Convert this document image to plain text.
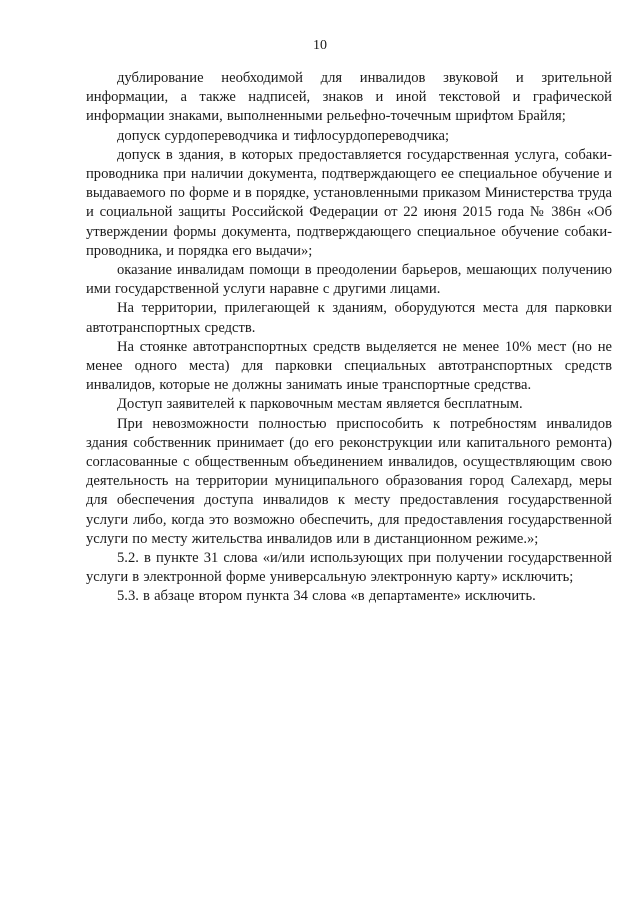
10

дублирование необходимой для инвалидов звуковой и зрительной информации, а также надписей, знаков и иной текстовой и графической информации знаками, выполненными рельефно-точечным шрифтом Брайля;

допуск сурдопереводчика и тифлосурдопереводчика;

допуск в здания, в которых предоставляется государственная услуга, собаки-проводника при наличии документа, подтверждающего ее специальное обучение и выдаваемого по форме и в порядке, установленными приказом Министерства труда и социальной защиты Российской Федерации от 22 июня 2015 года № 386н «Об утверждении формы документа, подтверждающего специальное обучение собаки-проводника, и порядка его выдачи»;

оказание инвалидам помощи в преодолении барьеров, мешающих получению ими государственной услуги наравне с другими лицами.

На территории, прилегающей к зданиям, оборудуются места для парковки автотранспортных средств.

На стоянке автотранспортных средств выделяется не менее 10% мест (но не менее одного места) для парковки специальных автотранспортных средств инвалидов, которые не должны занимать иные транспортные средства.

Доступ заявителей к парковочным местам является бесплатным.

При невозможности полностью приспособить к потребностям инвалидов здания собственник принимает (до его реконструкции или капитального ремонта) согласованные с общественным объединением инвалидов, осуществляющим свою деятельность на территории муниципального образования город Салехард, меры для обеспечения доступа инвалидов к месту предоставления государственной услуги либо, когда это возможно обеспечить, для предоставления государственной услуги по месту жительства инвалидов или в дистанционном режиме.»;

5.2. в пункте 31 слова «и/или использующих при получении государственной услуги в электронной форме универсальную электронную карту» исключить;

5.3. в абзаце втором пункта 34 слова «в департаменте» исключить.
